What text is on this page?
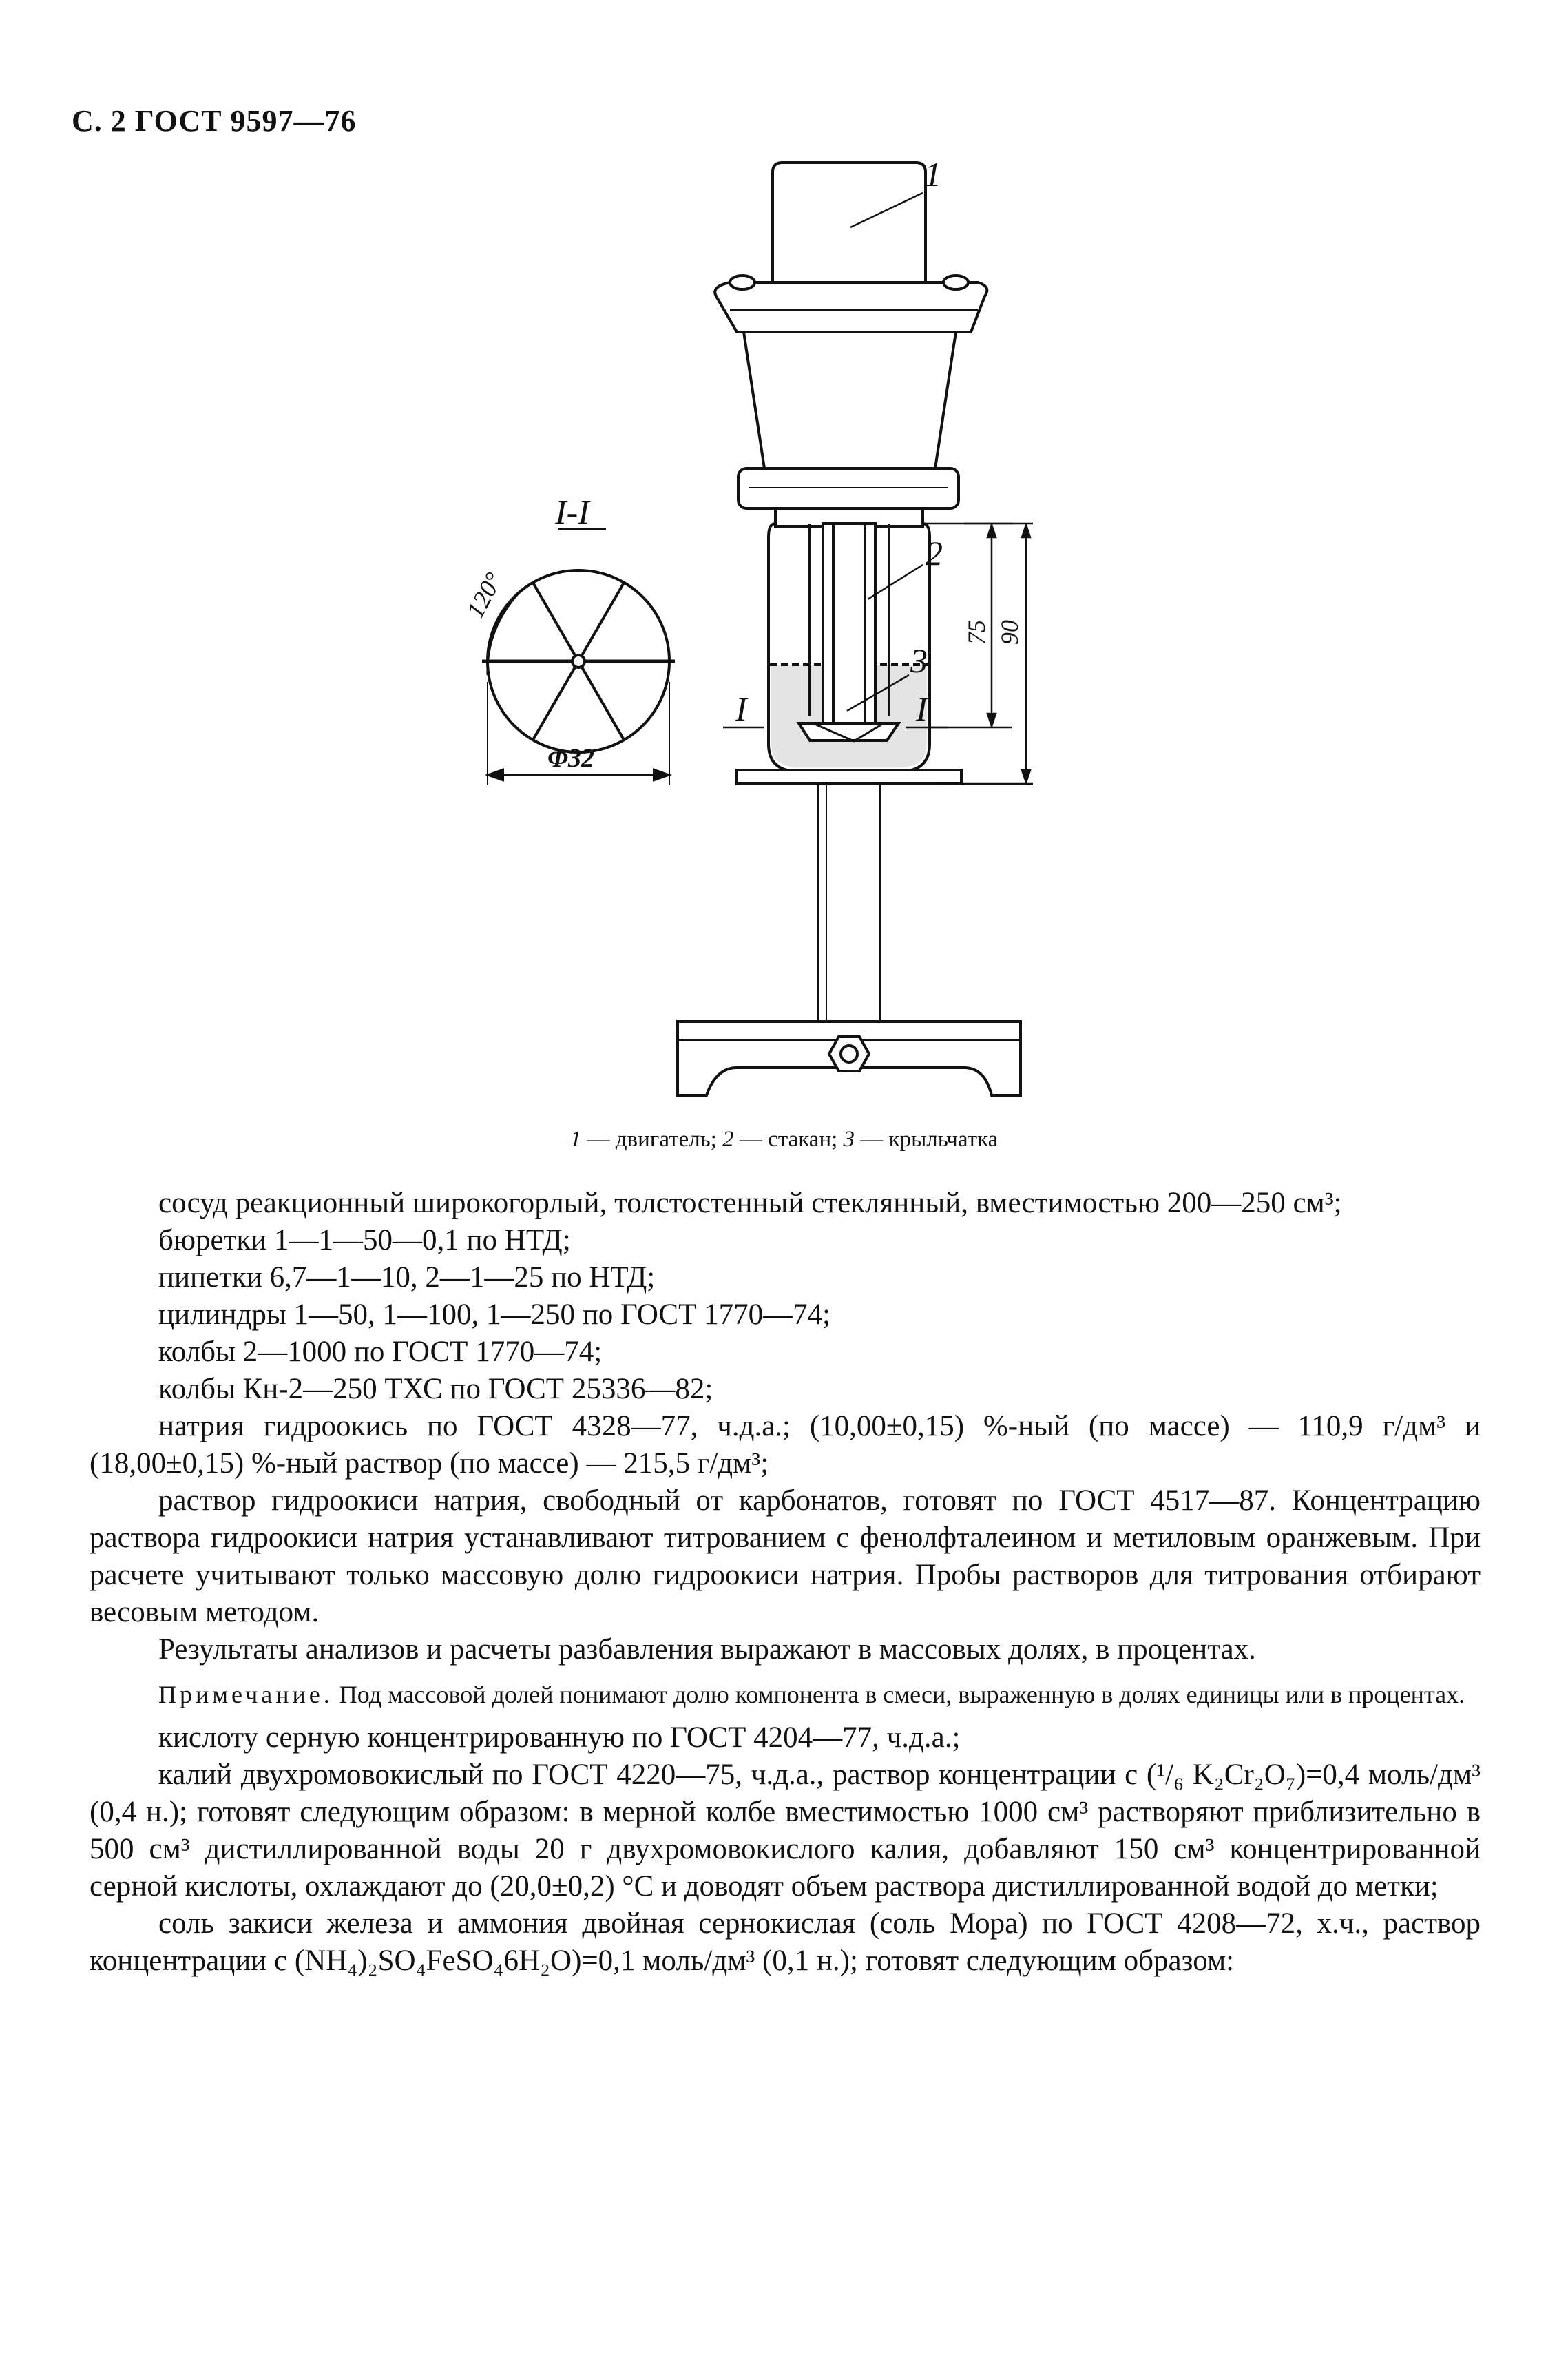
С. 2 ГОСТ 9597—76
1
2
3
I-I
I	I
120°
Φ32
75 90
1 — двигатель; 2 — стакан; 3 — крыльчатка

сосуд реакционный широкогорлый, толстостенный стеклянный, вместимостью 200—250 см³;

бюретки 1—1—50—0,1 по НТД;

пипетки 6,7—1—10, 2—1—25 по НТД;

цилиндры 1—50, 1—100, 1—250 по ГОСТ 1770—74;

колбы 2—1000 по ГОСТ 1770—74;

колбы Кн-2—250 ТХС по ГОСТ 25336—82;

натрия гидроокись по ГОСТ 4328—77, ч.д.а.; (10,00±0,15) %-ный (по массе) — 110,9 г/дм³ и (18,00±0,15) %-ный раствор (по массе) — 215,5 г/дм³;

раствор гидроокиси натрия, свободный от карбонатов, готовят по ГОСТ 4517—87. Концентрацию раствора гидроокиси натрия устанавливают титрованием с фенолфталеином и метиловым оранжевым. При расчете учитывают только массовую долю гидроокиси натрия. Пробы растворов для титрования отбирают весовым методом.

Результаты анализов и расчеты разбавления выражают в массовых долях, в процентах.

Примечание. Под массовой долей понимают долю компонента в смеси, выраженную в долях единицы или в процентах.

кислоту серную концентрированную по ГОСТ 4204—77, ч.д.а.;

калий двухромовокислый по ГОСТ 4220—75, ч.д.а., раствор концентрации с (¹/₆ K₂Cr₂O₇)=0,4 моль/дм³ (0,4 н.); готовят следующим образом: в мерной колбе вместимостью 1000 см³ растворяют приблизительно в 500 см³ дистиллированной воды 20 г двухромовокислого калия, добавляют 150 см³ концентрированной серной кислоты, охлаждают до (20,0±0,2) °С и доводят объем раствора дистиллированной водой до метки;

соль закиси железа и аммония двойная сернокислая (соль Мора) по ГОСТ 4208—72, х.ч., раствор концентрации с (NH₄)₂SO₄FeSO₄6H₂O)=0,1 моль/дм³ (0,1 н.); готовят следующим образом:
